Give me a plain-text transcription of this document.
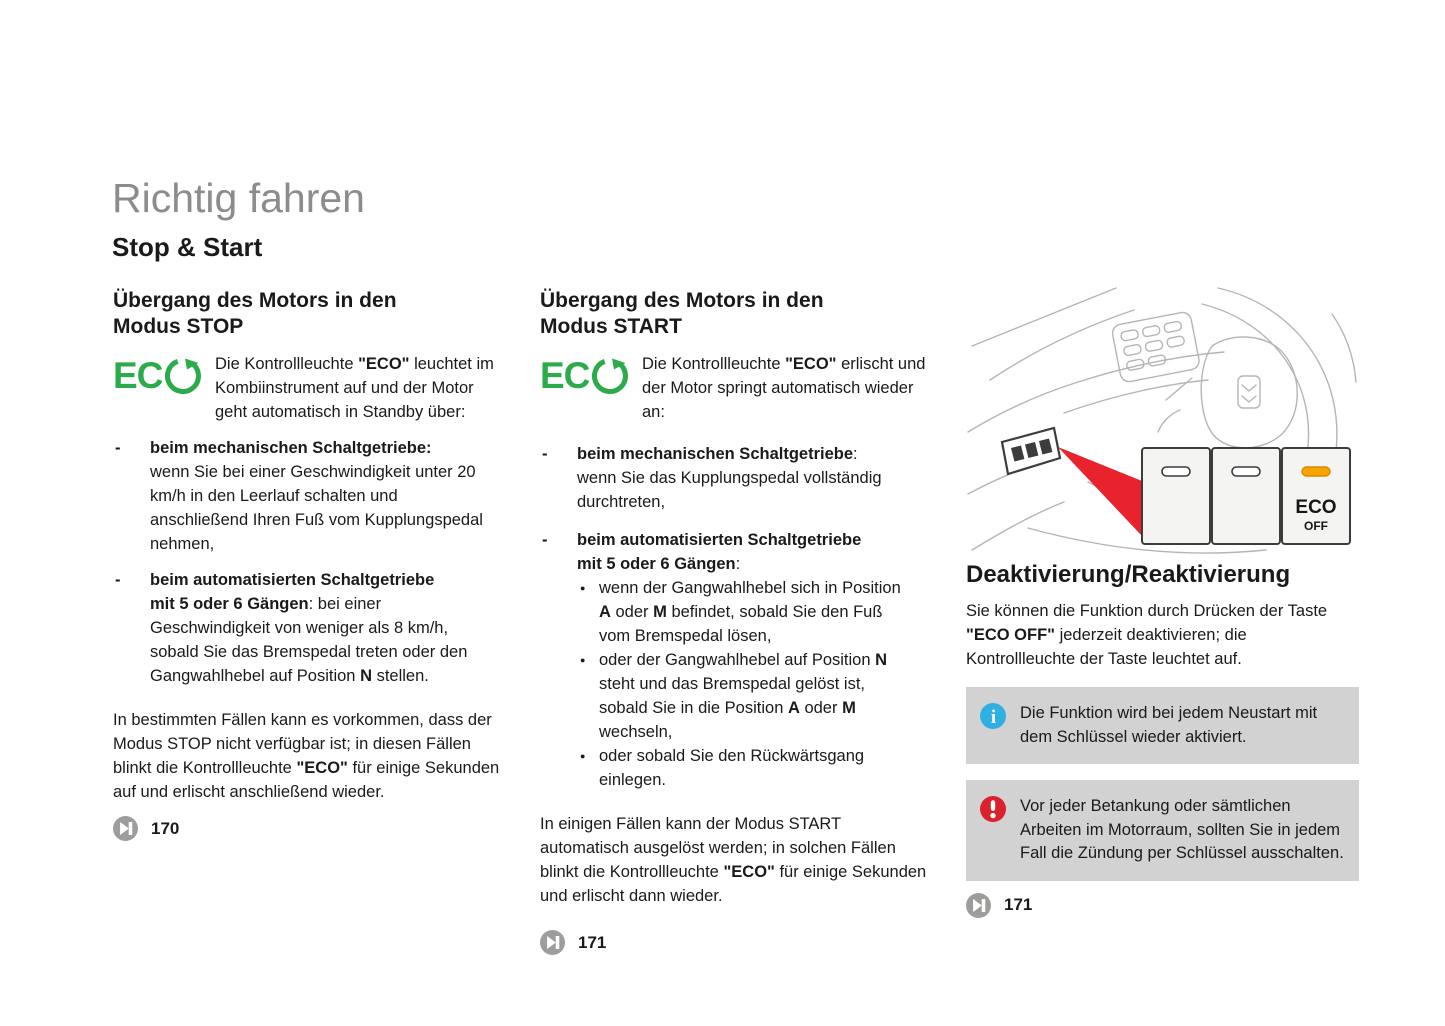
Richtig fahren
Stop & Start
Übergang des Motors in den
Modus STOP
EC	Die Kontrollleuchte "ECO" leuchtet im Kombiinstrument auf und der Motor geht automatisch in Standby über:

- beim mechanischen Schaltgetriebe:
wenn Sie bei einer Geschwindigkeit unter 20 km/h in den Leerlauf schalten und anschließend Ihren Fuß vom Kupplungspedal nehmen,

- beim automatisierten Schaltgetriebe
mit 5 oder 6 Gängen: bei einer Geschwindigkeit von weniger als 8 km/h, sobald Sie das Bremspedal treten oder den Gangwahlhebel auf Position N stellen.

In bestimmten Fällen kann es vorkommen, dass der Modus STOP nicht verfügbar ist; in diesen Fällen blinkt die Kontrollleuchte "ECO" für einige Sekunden auf und erlischt anschließend wieder.

170
Übergang des Motors in den
Modus START
EC	Die Kontrollleuchte "ECO" erlischt und der Motor springt automatisch wieder an:

- beim mechanischen Schaltgetriebe:
wenn Sie das Kupplungspedal vollständig durchtreten,

- beim automatisierten Schaltgetriebe
mit 5 oder 6 Gängen:

● wenn der Gangwahlhebel sich in Position A oder M befindet, sobald Sie den Fuß vom Bremspedal lösen,

● oder der Gangwahlhebel auf Position N steht und das Bremspedal gelöst ist, sobald Sie in die Position A oder M wechseln,

● oder sobald Sie den Rückwärtsgang einlegen.

In einigen Fällen kann der Modus START automatisch ausgelöst werden; in solchen Fällen blinkt die Kontrollleuchte "ECO" für einige Sekunden und erlischt dann wieder.

171
ECO
OFF
Deaktivierung/Reaktivierung

Sie können die Funktion durch Drücken der Taste "ECO OFF" jederzeit deaktivieren; die Kontrollleuchte der Taste leuchtet auf.

i Die Funktion wird bei jedem Neustart mit dem Schlüssel wieder aktiviert.

Vor jeder Betankung oder sämtlichen Arbeiten im Motorraum, sollten Sie in jedem Fall die Zündung per Schlüssel ausschalten.

171
